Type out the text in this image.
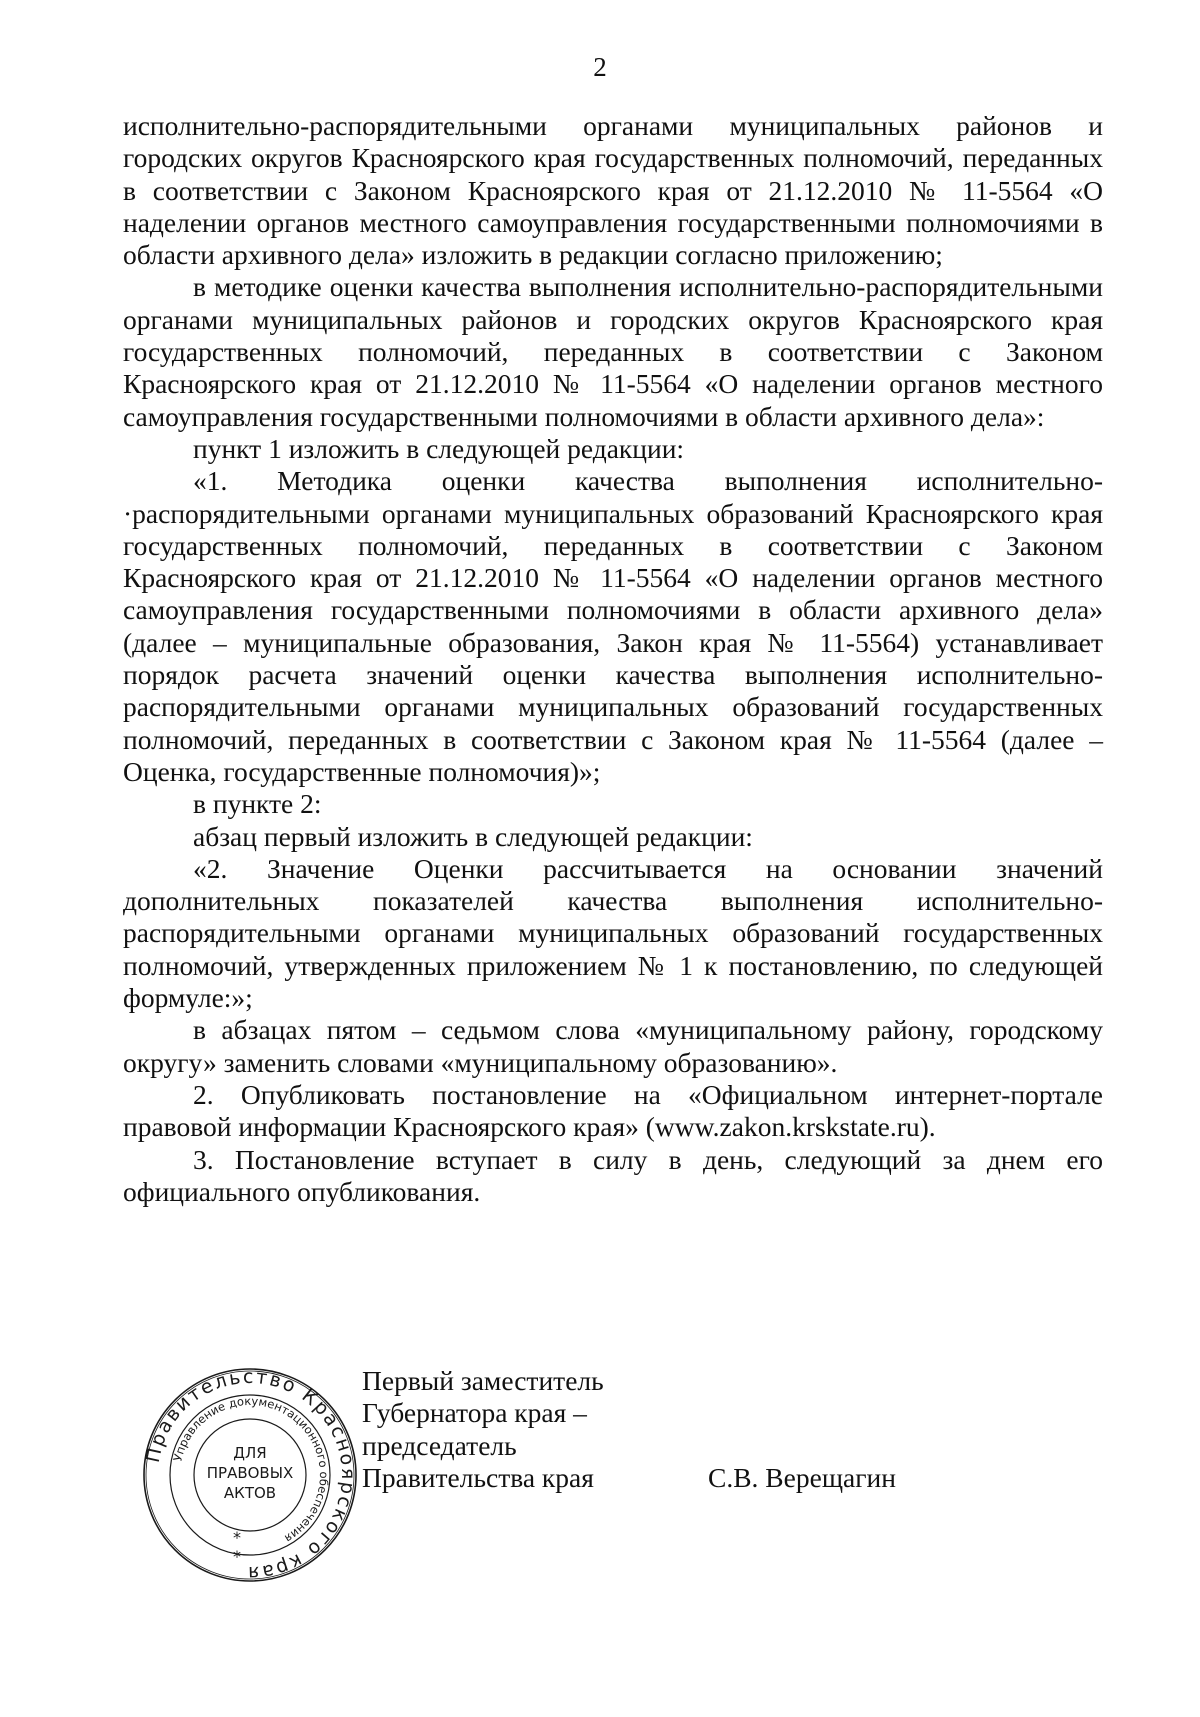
2

исполнительно-распорядительными органами муниципальных районов и городских округов Красноярского края государственных полномочий, переданных в соответствии с Законом Красноярского края от 21.12.2010 № 11-5564 «О наделении органов местного самоуправления государственными полномочиями в области архивного дела» изложить в редакции согласно приложению;

в методике оценки качества выполнения исполнительно-распорядительными органами муниципальных районов и городских округов Красноярского края государственных полномочий, переданных в соответствии с Законом Красноярского края от 21.12.2010 № 11-5564 «О наделении органов местного самоуправления государственными полномочиями в области архивного дела»:

пункт 1 изложить в следующей редакции:

«1. Методика оценки качества выполнения исполнительно-·распорядительными органами муниципальных образований Красноярского края государственных полномочий, переданных в соответствии с Законом Красноярского края от 21.12.2010 № 11-5564 «О наделении органов местного самоуправления государственными полномочиями в области архивного дела» (далее – муниципальные образования, Закон края № 11-5564) устанавливает порядок расчета значений оценки качества выполнения исполнительно-распорядительными органами муниципальных образований государственных полномочий, переданных в соответствии с Законом края № 11-5564 (далее – Оценка, государственные полномочия)»;

в пункте 2:

абзац первый изложить в следующей редакции:

«2. Значение Оценки рассчитывается на основании значений дополнительных показателей качества выполнения исполнительно-распорядительными органами муниципальных образований государственных полномочий, утвержденных приложением № 1 к постановлению, по следующей формуле:»;

в абзацах пятом – седьмом слова «муниципальному району, городскому округу» заменить словами «муниципальному образованию».

2. Опубликовать постановление на «Официальном интернет-портале правовой информации Красноярского края» (www.zakon.krskstate.ru).

3. Постановление вступает в силу в день, следующий за днем его официального опубликования.

Правительство Красноярского края
Управление документационного обеспечения
ДЛЯ
ПРАВОВЫХ
АКТОВ
*
*
Первый заместитель
Губернатора края –
председатель
Правительства края	С.В. Верещагин
